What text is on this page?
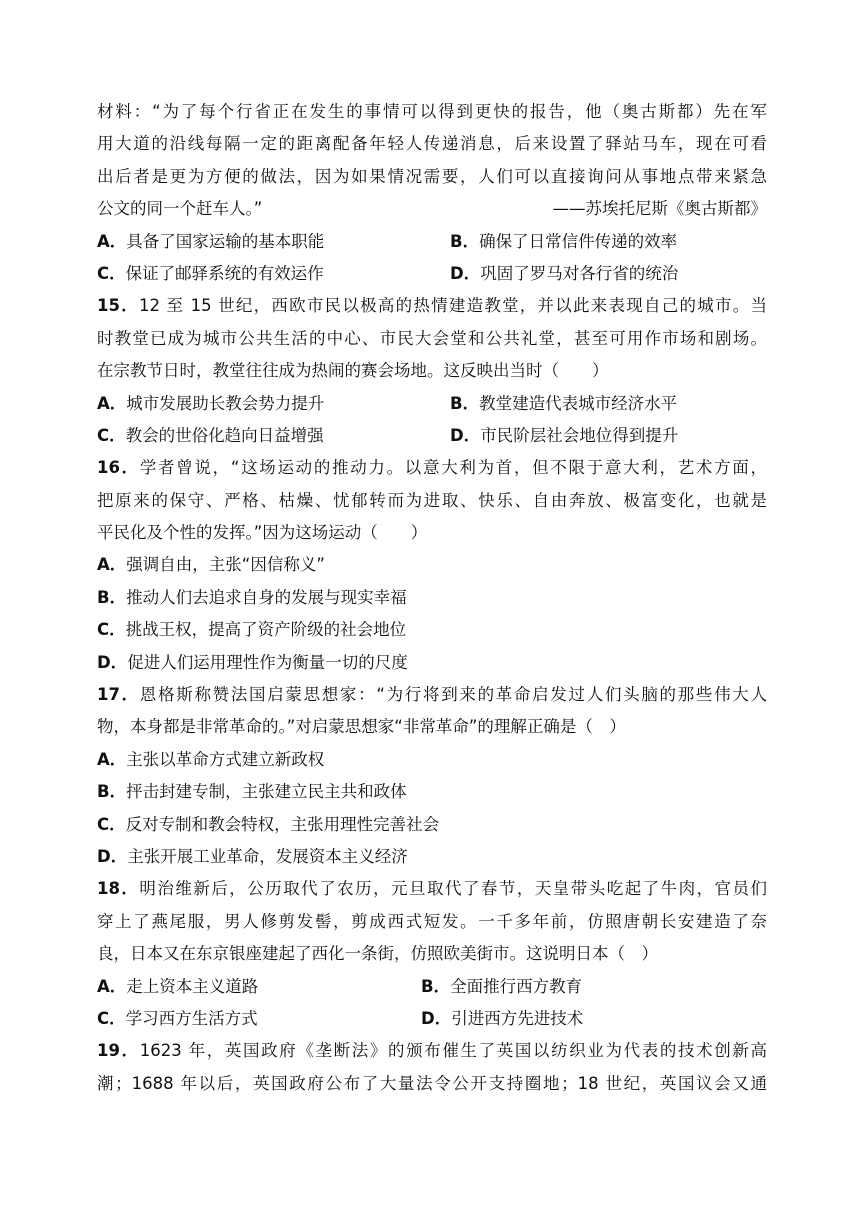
材料：“为了每个行省正在发生的事情可以得到更快的报告，他（奥古斯都）先在军
用大道的沿线每隔一定的距离配备年轻人传递消息，后来设置了驿站马车，现在可看
出后者是更为方便的做法，因为如果情况需要，人们可以直接询问从事地点带来紧急
公文的同一个赶车人。”	——苏埃托尼斯《奥古斯都》
A．具备了国家运输的基本职能	B．确保了日常信件传递的效率
C．保证了邮驿系统的有效运作	D．巩固了罗马对各行省的统治
15．12 至 15 世纪，西欧市民以极高的热情建造教堂，并以此来表现自己的城市。当
时教堂已成为城市公共生活的中心、市民大会堂和公共礼堂，甚至可用作市场和剧场。
在宗教节日时，教堂往往成为热闹的赛会场地。这反映出当时（　　）
A．城市发展助长教会势力提升	B．教堂建造代表城市经济水平
C．教会的世俗化趋向日益增强	D．市民阶层社会地位得到提升
16．学者曾说，“这场运动的推动力。以意大利为首，但不限于意大利，艺术方面，
把原来的保守、严格、枯燥、忧郁转而为进取、快乐、自由奔放、极富变化，也就是
平民化及个性的发挥。”因为这场运动（　　）
A．强调自由，主张“因信称义”
B．推动人们去追求自身的发展与现实幸福
C．挑战王权，提高了资产阶级的社会地位
D．促进人们运用理性作为衡量一切的尺度
17．恩格斯称赞法国启蒙思想家：“为行将到来的革命启发过人们头脑的那些伟大人
物，本身都是非常革命的。”对启蒙思想家“非常革命”的理解正确是（　）
A．主张以革命方式建立新政权
B．抨击封建专制，主张建立民主共和政体
C．反对专制和教会特权，主张用理性完善社会
D．主张开展工业革命，发展资本主义经济
18．明治维新后，公历取代了农历，元旦取代了春节，天皇带头吃起了牛肉，官员们
穿上了燕尾服，男人修剪发髻，剪成西式短发。一千多年前，仿照唐朝长安建造了奈
良，日本又在东京银座建起了西化一条街，仿照欧美街市。这说明日本（　）
A．走上资本主义道路	B．全面推行西方教育
C．学习西方生活方式	D．引进西方先进技术
19．1623 年，英国政府《垄断法》的颁布催生了英国以纺织业为代表的技术创新高
潮；1688 年以后，英国政府公布了大量法令公开支持圈地；18 世纪，英国议会又通
